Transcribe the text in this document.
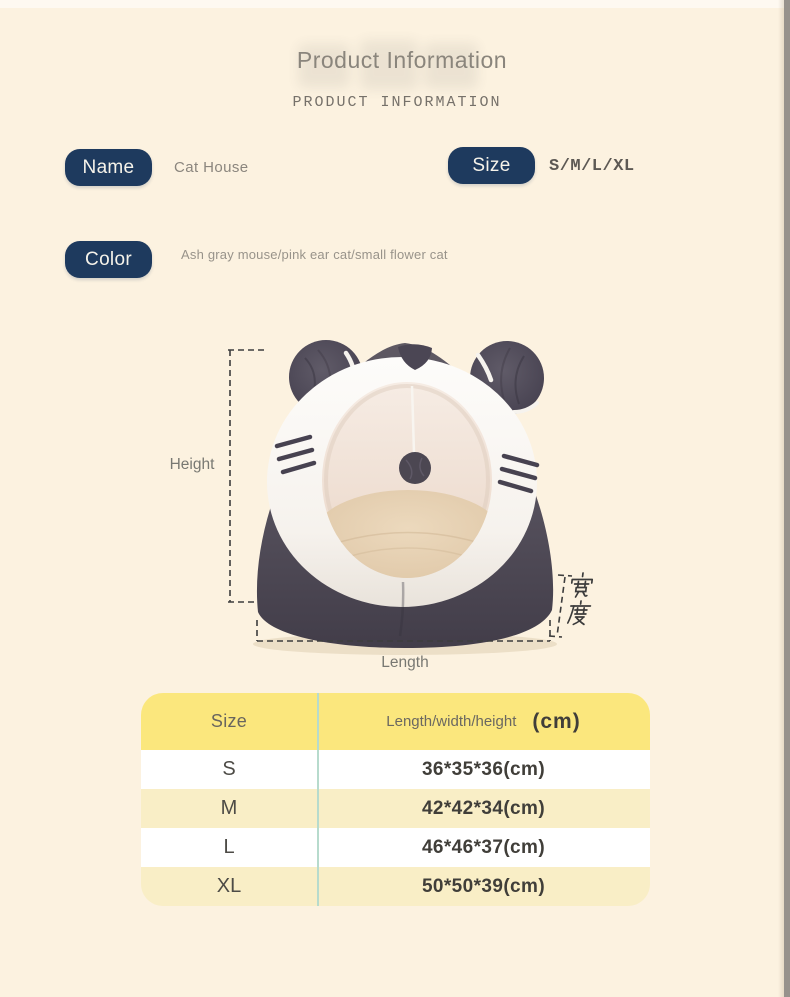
Product Information
PRODUCT INFORMATION
Name	Cat House	Size	S/M/L/XL
Color	Ash gray mouse/pink ear cat/small flower cat
Height
Length
Size	Length/width/height (cm)
S	36*35*36(cm)
M	42*42*34(cm)
L	46*46*37(cm)
XL	50*50*39(cm)
